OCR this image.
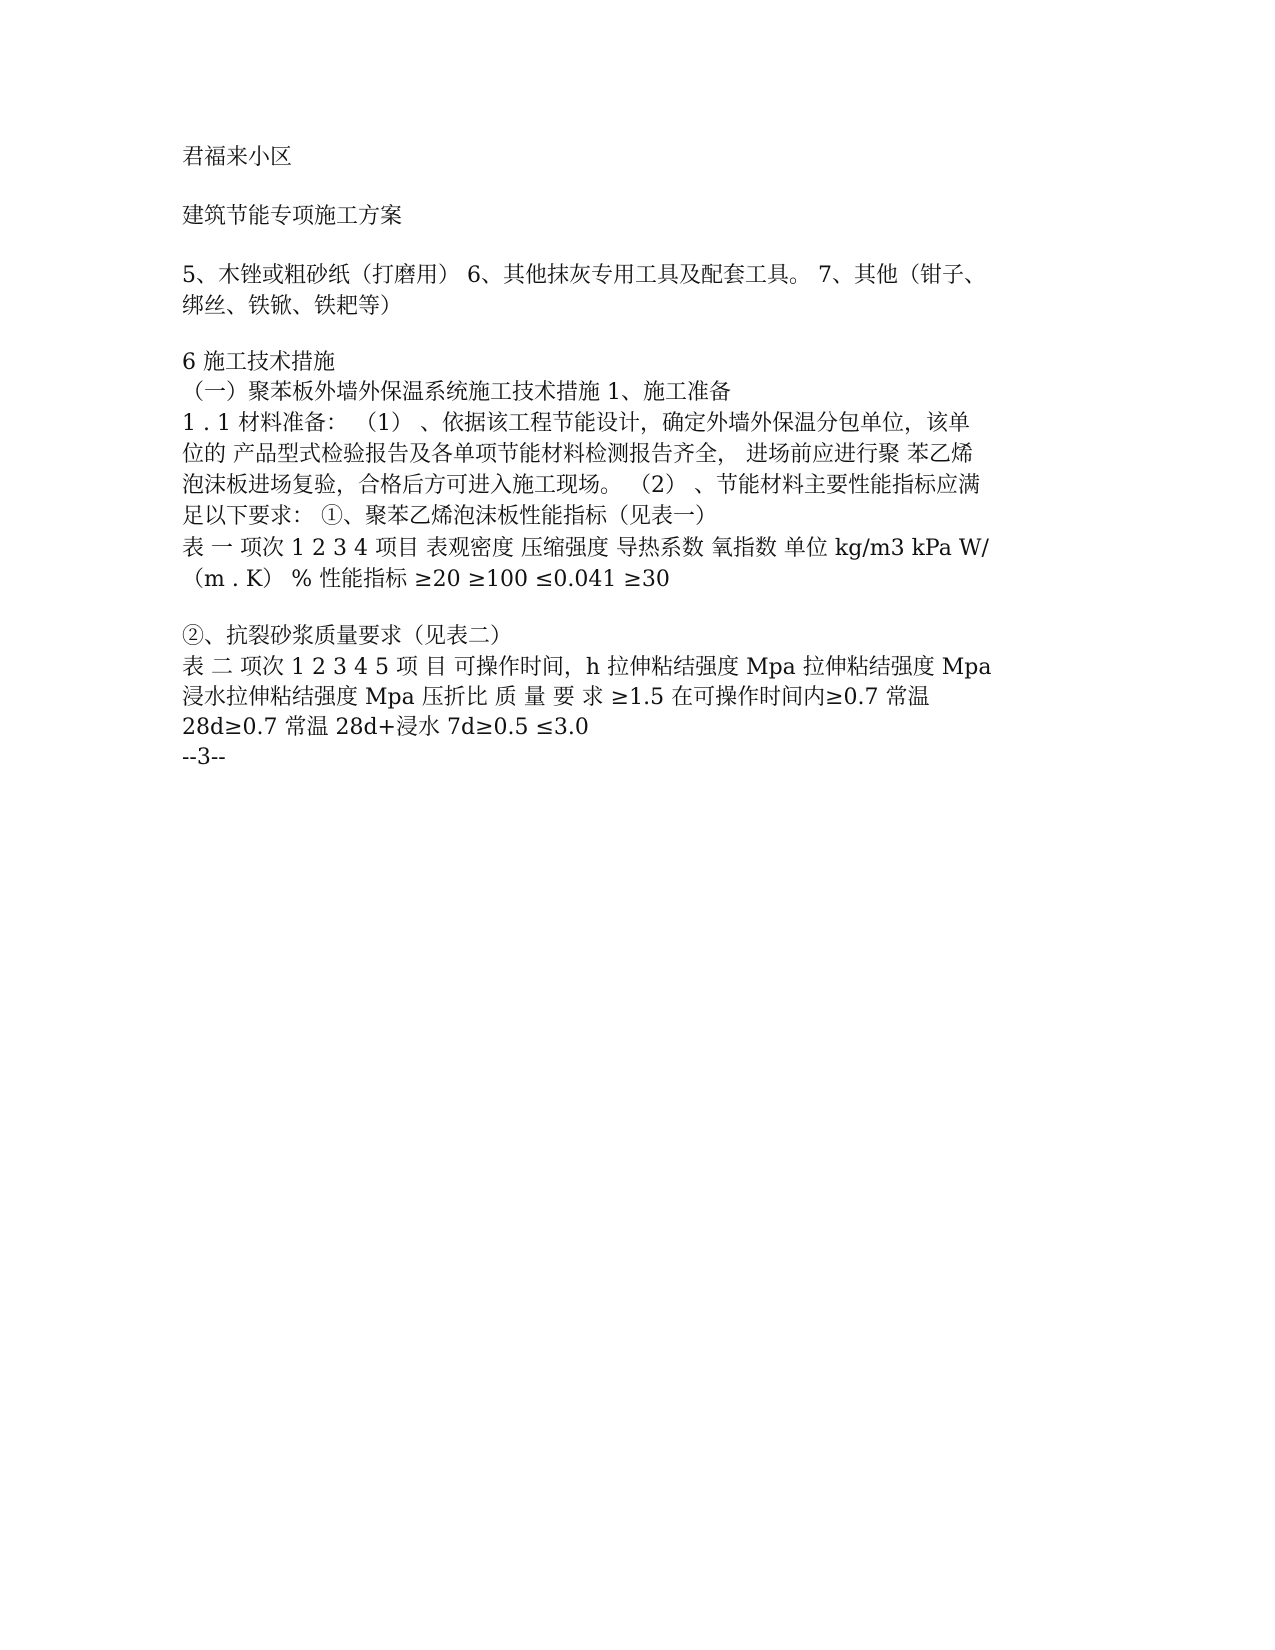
君福来小区
建筑节能专项施工方案
5、木锉或粗砂纸（打磨用） 6、其他抹灰专用工具及配套工具。 7、其他（钳子、
绑丝、铁锨、铁耙等）
6 施工技术措施
（一）聚苯板外墙外保温系统施工技术措施 1、施工准备
1 . 1 材料准备： （1） 、依据该工程节能设计，确定外墙外保温分包单位，该单
位的 产品型式检验报告及各单项节能材料检测报告齐全， 进场前应进行聚 苯乙烯
泡沫板进场复验，合格后方可进入施工现场。 （2） 、节能材料主要性能指标应满
足以下要求： ①、聚苯乙烯泡沫板性能指标（见表一）
表 一 项次 1 2 3 4 项目 表观密度 压缩强度 导热系数 氧指数 单位 kg/m3 kPa W/
（m . K） % 性能指标 ≥20 ≥100 ≤0.041 ≥30
②、抗裂砂浆质量要求（见表二）
表 二 项次 1 2 3 4 5 项 目 可操作时间，h 拉伸粘结强度 Mpa 拉伸粘结强度 Mpa
浸水拉伸粘结强度 Mpa 压折比 质 量 要 求 ≥1.5 在可操作时间内≥0.7 常温
28d≥0.7 常温 28d+浸水 7d≥0.5 ≤3.0
--3--
